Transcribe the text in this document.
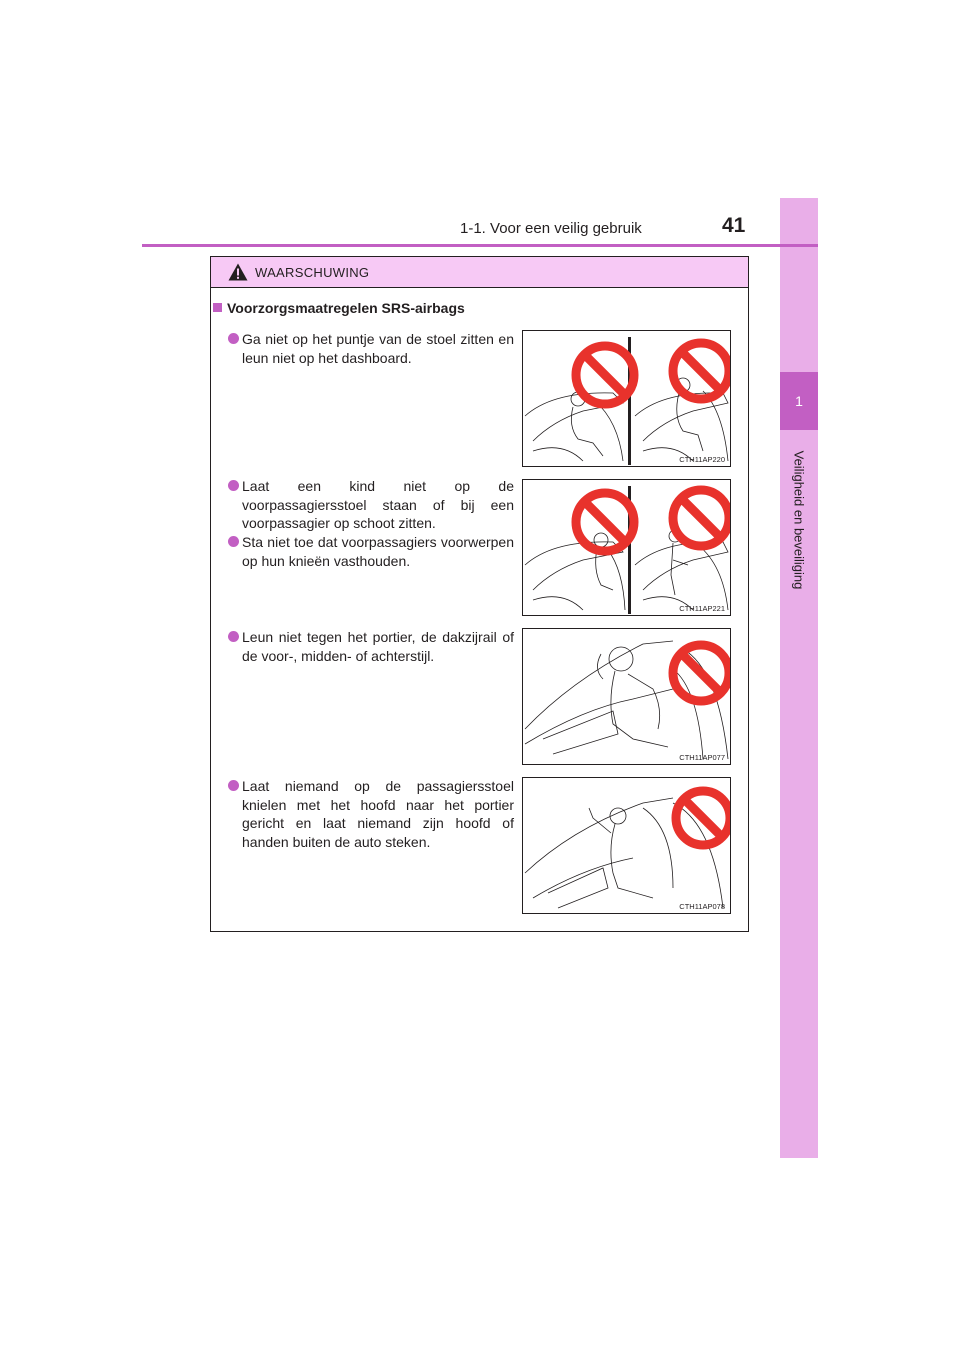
1
Veiligheid en beveiliging
1-1. Voor een veilig gebruik	41
WAARSCHUWING
Voorzorgsmaatregelen SRS-airbags
Ga niet op het puntje van de stoel zitten en leun niet op het dashboard.
Laat een kind niet op de voorpassagiersstoel staan of bij een voorpassagier op schoot zitten.
Sta niet toe dat voorpassagiers voorwerpen op hun knieën vasthouden.
Leun niet tegen het portier, de dakzijrail of de voor-, midden- of achterstijl.
Laat niemand op de passagiersstoel knielen met het hoofd naar het portier gericht en laat niemand zijn hoofd of handen buiten de auto steken.
CTH11AP220
CTH11AP221
CTH11AP077
CTH11AP078
